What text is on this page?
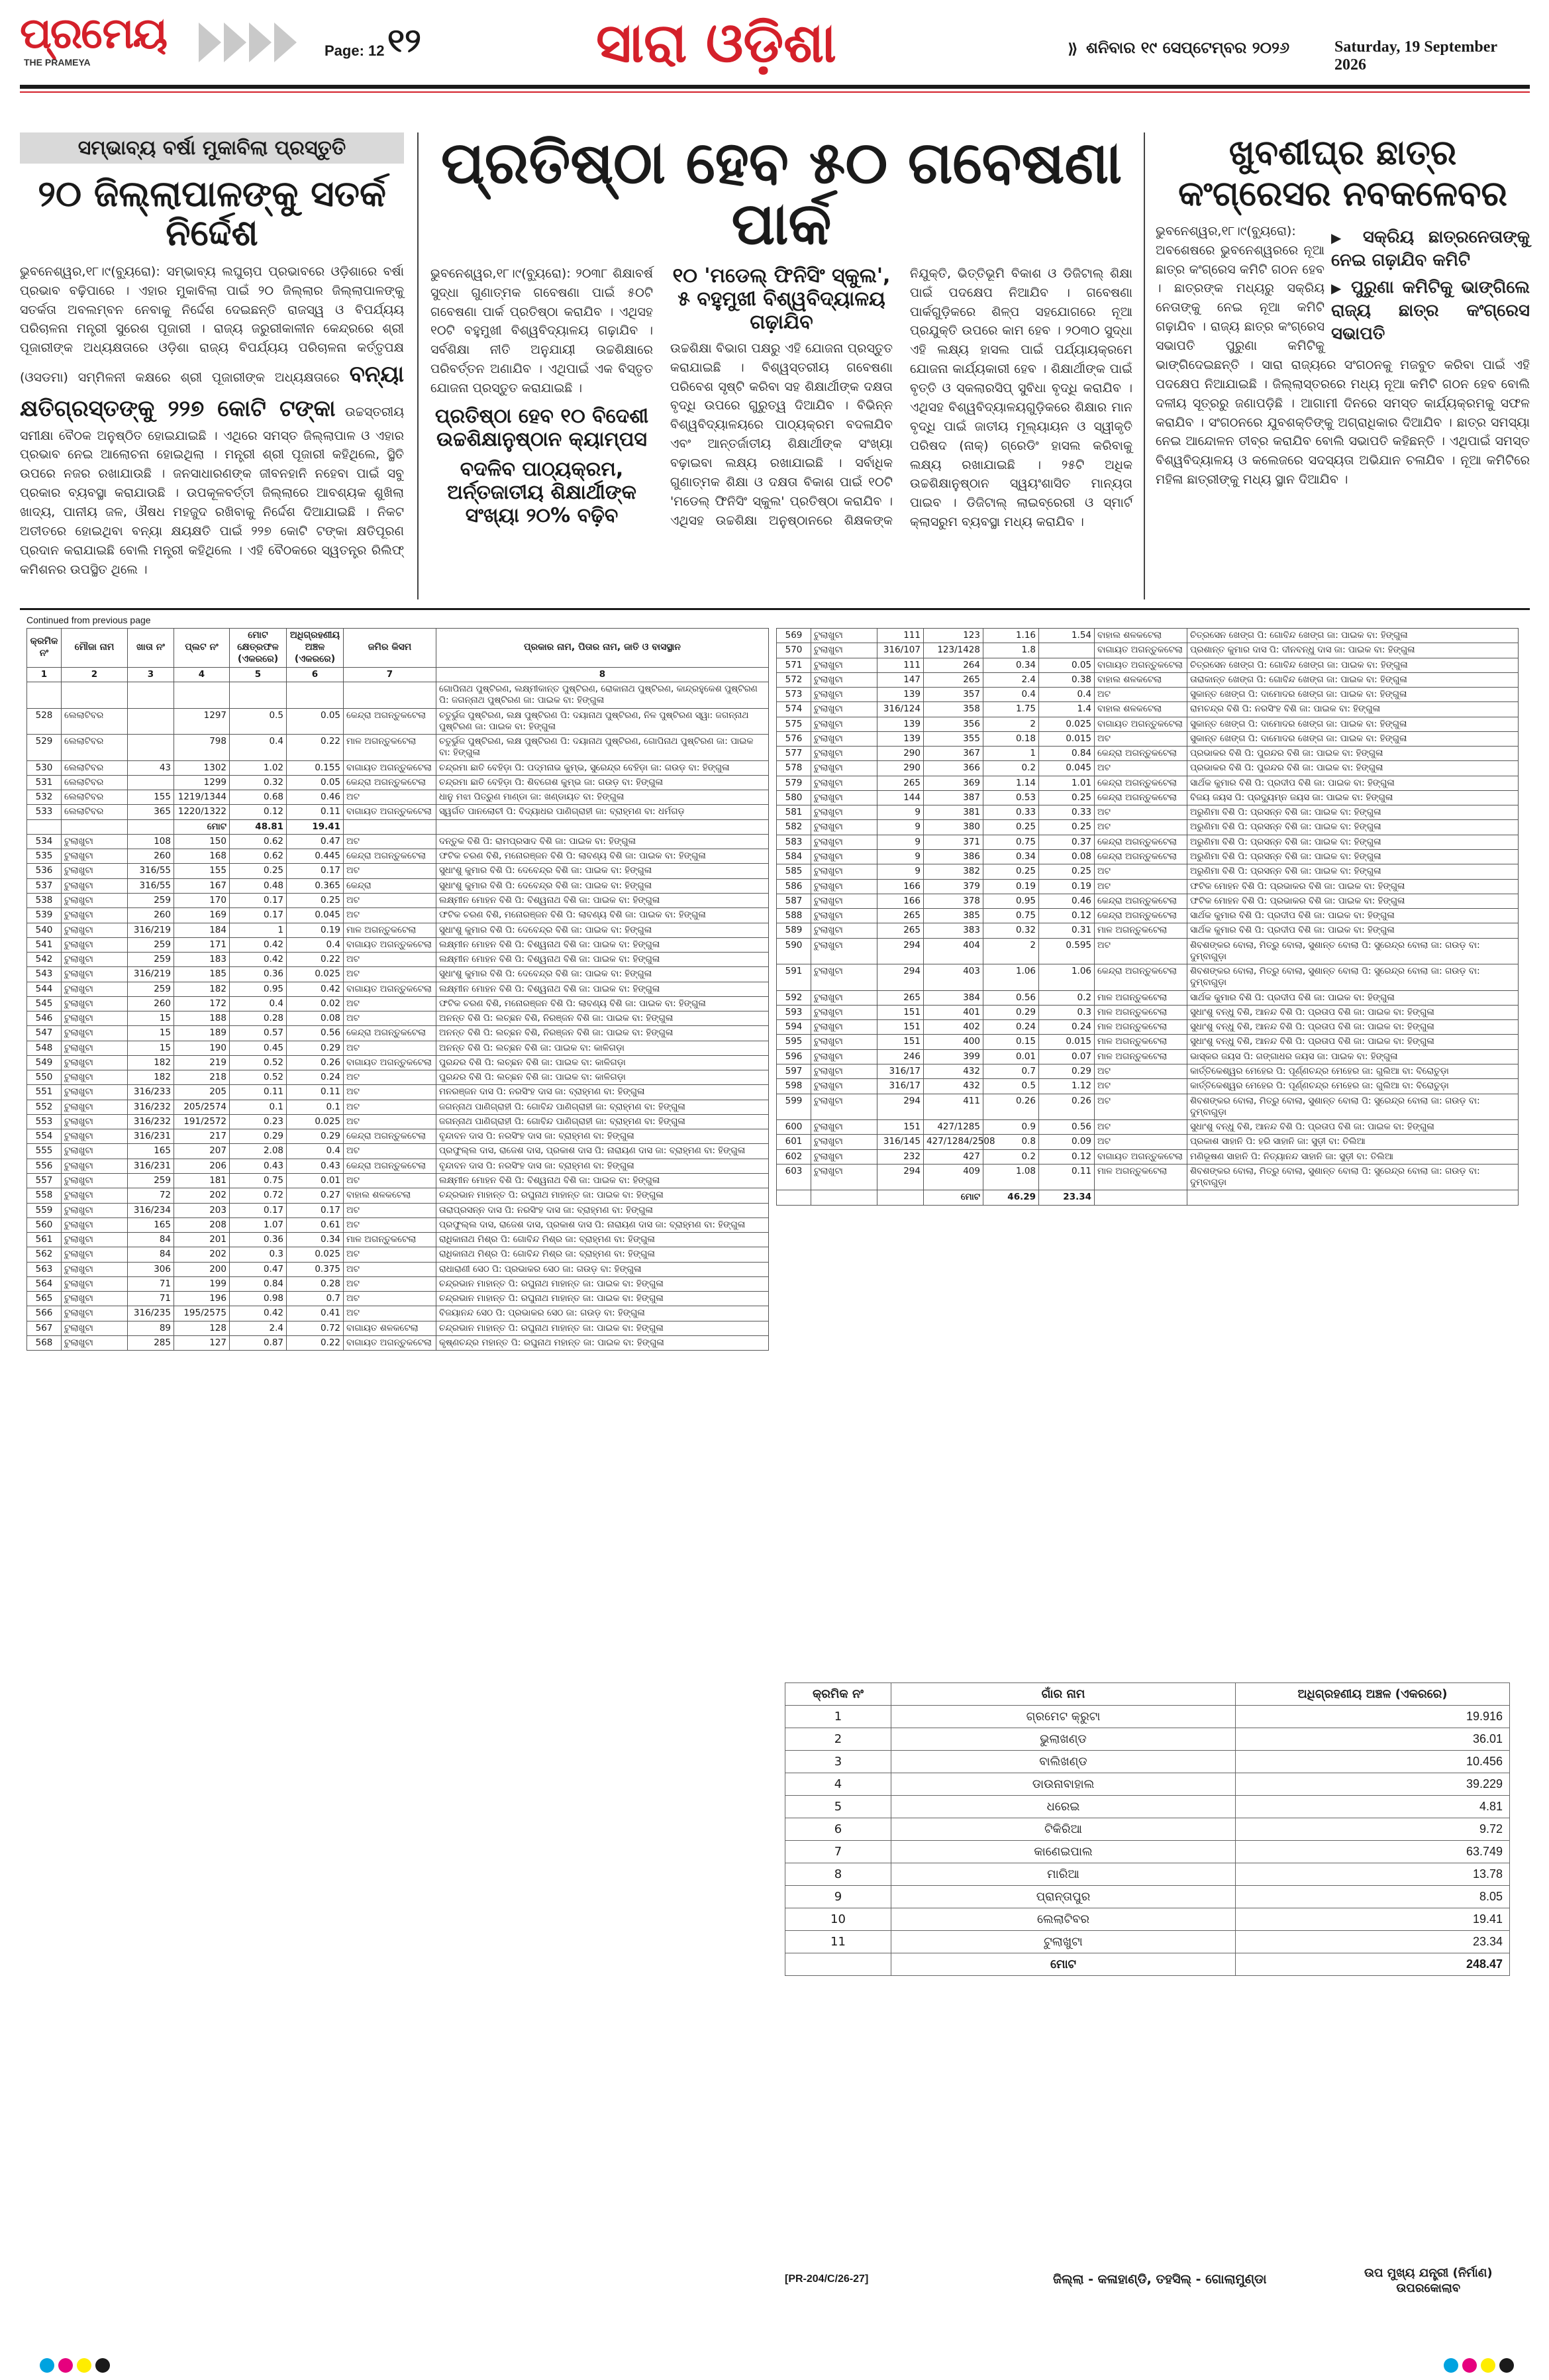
ପ୍ରମେୟ
THE PRAMEYA
Page: 12 ୧୨	ସାରା ଓଡ଼ିଶା	⟫ ଶନିବାର ୧୯ ସେପ୍ଟେମ୍ବର ୨୦୨୬	Saturday, 19 September 2026
ସମ୍ଭାବ୍ୟ ବର୍ଷା ମୁକାବିଲା ପ୍ରସ୍ତୁତି
୨୦ ଜିଲ୍ଲାପାଳଙ୍କୁ ସତର୍କ ନିର୍ଦ୍ଦେଶ
ଭୁବନେଶ୍ୱର,୧୮।୯(ବ୍ୟୁରୋ): ସମ୍ଭାବ୍ୟ ଲଘୁଚାପ ପ୍ରଭାବରେ ଓଡ଼ିଶାରେ ବର୍ଷା ପ୍ରଭାବ ବଢ଼ିପାରେ । ଏହାର ମୁକାବିଲା ପାଇଁ ୨୦ ଜିଲ୍ଲାର ଜିଲ୍ଲାପାଳଙ୍କୁ ସତର୍କତା ଅବଲମ୍ବନ ନେବାକୁ ନିର୍ଦ୍ଦେଶ ଦେଇଛନ୍ତି ରାଜସ୍ୱ ଓ ବିପର୍ଯ୍ୟୟ ପରିଚାଳନା ମନ୍ତ୍ରୀ ସୁରେଶ ପୂଜାରୀ । ରାଜ୍ୟ ଜରୁରୀକାଳୀନ କେନ୍ଦ୍ରରେ ଶ୍ରୀ ପୂଜାରୀଙ୍କ ଅଧ୍ୟକ୍ଷତାରେ ଓଡ଼ିଶା ରାଜ୍ୟ ବିପର୍ଯ୍ୟୟ ପରିଚାଳନା କର୍ତ୍ତୃପକ୍ଷ (ଓସଡମା) ସମ୍ମିଳନୀ କକ୍ଷରେ ଶ୍ରୀ ପୂଜାରୀଙ୍କ ଅଧ୍ୟକ୍ଷତାରେ ବନ୍ୟା କ୍ଷତିଗ୍ରସ୍ତଙ୍କୁ ୨୨୭ କୋଟି ଟଙ୍କା ଉଚ୍ଚସ୍ତରୀୟ ସମୀକ୍ଷା ବୈଠକ ଅନୁଷ୍ଠିତ ହୋଇଯାଇଛି । ଏଥିରେ ସମସ୍ତ ଜିଲ୍ଲାପାଳ ଓ ଏହାର ପ୍ରଭାବ ନେଇ ଆଲୋଚନା ହୋଇଥିଲା । ମନ୍ତ୍ରୀ ଶ୍ରୀ ପୂଜାରୀ କହିଥିଲେ, ସ୍ଥିତି ଉପରେ ନଜର ରଖାଯାଉଛି । ଜନସାଧାରଣଙ୍କ ଜୀବନହାନି ନହେବା ପାଇଁ ସବୁ ପ୍ରକାର ବ୍ୟବସ୍ଥା କରାଯାଉଛି । ଉପକୂଳବର୍ତ୍ତୀ ଜିଲ୍ଲାରେ ଆବଶ୍ୟକ ଶୁଖିଲା ଖାଦ୍ୟ, ପାନୀୟ ଜଳ, ଔଷଧ ମହଜୁଦ ରଖିବାକୁ ନିର୍ଦ୍ଦେଶ ଦିଆଯାଇଛି । ନିକଟ ଅତୀତରେ ହୋଇଥିବା ବନ୍ୟା କ୍ଷୟକ୍ଷତି ପାଇଁ ୨୨୭ କୋଟି ଟଙ୍କା କ୍ଷତିପୂରଣ ପ୍ରଦାନ କରାଯାଇଛି ବୋଲି ମନ୍ତ୍ରୀ କହିଥିଲେ । ଏହି ବୈଠକରେ ସ୍ୱତନ୍ତ୍ର ରିଲିଫ୍ କମିଶନର ଉପସ୍ଥିତ ଥିଲେ ।
ପ୍ରତିଷ୍ଠା ହେବ ୫୦ ଗବେଷଣା ପାର୍କ
ଭୁବନେଶ୍ୱର,୧୮।୯(ବ୍ୟୁରୋ): ୨୦୩୮ ଶିକ୍ଷାବର୍ଷ ସୁଦ୍ଧା ଗୁଣାତ୍ମକ ଗବେଷଣା ପାଇଁ ୫୦ଟି ଗବେଷଣା ପାର୍କ ପ୍ରତିଷ୍ଠା କରାଯିବ । ଏଥିସହ ୧୦ଟି ବହୁମୁଖୀ ବିଶ୍ୱବିଦ୍ୟାଳୟ ଗଢ଼ାଯିବ । ସର୍ବଶିକ୍ଷା ନୀତି ଅନୁଯାୟୀ ଉଚ୍ଚଶିକ୍ଷାରେ ପରିବର୍ତ୍ତନ ଅଣାଯିବ । ଏଥିପାଇଁ ଏକ ବିସ୍ତୃତ ଯୋଜନା ପ୍ରସ୍ତୁତ କରାଯାଇଛି ।
ପ୍ରତିଷ୍ଠା ହେବ ୧୦ ବିଦେଶୀ ଉଚ୍ଚଶିକ୍ଷାନୁଷ୍ଠାନ କ୍ୟାମ୍ପସ
ବଦଳିବ ପାଠ୍ୟକ୍ରମ, ଅର୍ନ୍ତଜାତୀୟ ଶିକ୍ଷାର୍ଥୀଙ୍କ ସଂଖ୍ୟା ୨୦% ବଢ଼ିବ
୧୦ 'ମଡେଲ୍ ଫିନିସିଂ ସ୍କୁଲ', ୫ ବହୁମୁଖୀ ବିଶ୍ୱବିଦ୍ୟାଳୟ ଗଢ଼ାଯିବ
ଉଚ୍ଚଶିକ୍ଷା ବିଭାଗ ପକ୍ଷରୁ ଏହି ଯୋଜନା ପ୍ରସ୍ତୁତ କରାଯାଇଛି । ବିଶ୍ୱସ୍ତରୀୟ ଗବେଷଣା ପରିବେଶ ସୃଷ୍ଟି କରିବା ସହ ଶିକ୍ଷାର୍ଥୀଙ୍କ ଦକ୍ଷତା ବୃଦ୍ଧି ଉପରେ ଗୁରୁତ୍ୱ ଦିଆଯିବ । ବିଭିନ୍ନ ବିଶ୍ୱବିଦ୍ୟାଳୟରେ ପାଠ୍ୟକ୍ରମ ବଦଳାଯିବ ଏବଂ ଆନ୍ତର୍ଜାତୀୟ ଶିକ୍ଷାର୍ଥୀଙ୍କ ସଂଖ୍ୟା ବଢ଼ାଇବା ଲକ୍ଷ୍ୟ ରଖାଯାଇଛି । ସର୍ବାଧିକ ଗୁଣାତ୍ମକ ଶିକ୍ଷା ଓ ଦକ୍ଷତା ବିକାଶ ପାଇଁ ୧୦ଟି 'ମଡେଲ୍ ଫିନିସିଂ ସ୍କୁଲ' ପ୍ରତିଷ୍ଠା କରାଯିବ । ଏଥିସହ ଉଚ୍ଚଶିକ୍ଷା ଅନୁଷ୍ଠାନରେ ଶିକ୍ଷକଙ୍କ ନିଯୁକ୍ତି, ଭିତ୍ତିଭୂମି ବିକାଶ ଓ ଡିଜିଟାଲ୍ ଶିକ୍ଷା ପାଇଁ ପଦକ୍ଷେପ ନିଆଯିବ । ଗବେଷଣା ପାର୍କଗୁଡ଼ିକରେ ଶିଳ୍ପ ସହଯୋଗରେ ନୂଆ ପ୍ରଯୁକ୍ତି ଉପରେ କାମ ହେବ । ୨୦୩୦ ସୁଦ୍ଧା ଏହି ଲକ୍ଷ୍ୟ ହାସଲ ପାଇଁ ପର୍ଯ୍ୟାୟକ୍ରମେ ଯୋଜନା କାର୍ଯ୍ୟକାରୀ ହେବ । ଶିକ୍ଷାର୍ଥୀଙ୍କ ପାଇଁ ବୃତ୍ତି ଓ ସ୍କଲାରସିପ୍ ସୁବିଧା ବୃଦ୍ଧି କରାଯିବ । ଏଥିସହ ବିଶ୍ୱବିଦ୍ୟାଳୟଗୁଡ଼ିକରେ ଶିକ୍ଷାର ମାନ ବୃଦ୍ଧି ପାଇଁ ଜାତୀୟ ମୂଲ୍ୟାୟନ ଓ ସ୍ୱୀକୃତି ପରିଷଦ (ନାକ୍) ଗ୍ରେଡିଂ ହାସଲ କରିବାକୁ ଲକ୍ଷ୍ୟ ରଖାଯାଇଛି । ୨୫ଟି ଅଧିକ ଉଚ୍ଚଶିକ୍ଷାନୁଷ୍ଠାନ ସ୍ୱୟଂଶାସିତ ମାନ୍ୟତା ପାଇବ । ଡିଜିଟାଲ୍ ଲାଇବ୍ରେରୀ ଓ ସ୍ମାର୍ଟ କ୍ଲାସରୁମ ବ୍ୟବସ୍ଥା ମଧ୍ୟ କରାଯିବ ।
ଖୁବଶୀଘ୍ର ଛାତ୍ର କଂଗ୍ରେସର ନବକଳେବର
▶ ସକ୍ରିୟ ଛାତ୍ରନେତାଙ୍କୁ ନେଇ ଗଢ଼ାଯିବ କମିଟି
▶ ପୁରୁଣା କମିଟିକୁ ଭାଙ୍ଗିଲେ ରାଜ୍ୟ ଛାତ୍ର କଂଗ୍ରେସ ସଭାପତି
ଭୁବନେଶ୍ୱର,୧୮।୯(ବ୍ୟୁରୋ): ଅବଶେଷରେ ଭୁବନେଶ୍ୱରରେ ନୂଆ ଛାତ୍ର କଂଗ୍ରେସ କମିଟି ଗଠନ ହେବ । ଛାତ୍ରଙ୍କ ମଧ୍ୟରୁ ସକ୍ରିୟ ନେତାଙ୍କୁ ନେଇ ନୂଆ କମିଟି ଗଢ଼ାଯିବ । ରାଜ୍ୟ ଛାତ୍ର କଂଗ୍ରେସ ସଭାପତି ପୁରୁଣା କମିଟିକୁ ଭାଙ୍ଗିଦେଇଛନ୍ତି । ସାରା ରାଜ୍ୟରେ ସଂଗଠନକୁ ମଜବୁତ କରିବା ପାଇଁ ଏହି ପଦକ୍ଷେପ ନିଆଯାଇଛି । ଜିଲ୍ଲାସ୍ତରରେ ମଧ୍ୟ ନୂଆ କମିଟି ଗଠନ ହେବ ବୋଲି ଦଳୀୟ ସୂତ୍ରରୁ ଜଣାପଡ଼ିଛି । ଆଗାମୀ ଦିନରେ ସମସ୍ତ କାର୍ଯ୍ୟକ୍ରମକୁ ସଫଳ କରାଯିବ । ସଂଗଠନରେ ଯୁବଶକ୍ତିଙ୍କୁ ଅଗ୍ରାଧିକାର ଦିଆଯିବ । ଛାତ୍ର ସମସ୍ୟା ନେଇ ଆନ୍ଦୋଳନ ତୀବ୍ର କରାଯିବ ବୋଲି ସଭାପତି କହିଛନ୍ତି । ଏଥିପାଇଁ ସମସ୍ତ ବିଶ୍ୱବିଦ୍ୟାଳୟ ଓ କଲେଜରେ ସଦସ୍ୟତା ଅଭିଯାନ ଚଳାଯିବ । ନୂଆ କମିଟିରେ ମହିଳା ଛାତ୍ରୀଙ୍କୁ ମଧ୍ୟ ସ୍ଥାନ ଦିଆଯିବ ।
Continued from previous page
କ୍ରମିକ ନଂ	ମୌଜା ନାମ	ଖାତା ନଂ	ପ୍ଲଟ ନଂ	ମୋଟ କ୍ଷେତ୍ରଫଳ (ଏକରରେ)	ଅଧିଗ୍ରହଣୀୟ ଅଞ୍ଚଳ (ଏକରରେ)	ଜମିର କିସମ	ପ୍ରକାର ନାମ, ପିତାର ନାମ, ଜାତି ଓ ବାସସ୍ଥାନ
1	2	3	4	5	6	7	8
							ଗୋପିନାଥ ପୁଷ୍ଟିରଣ, ଲକ୍ଷ୍ମୀକାନ୍ତ ପୁଷ୍ଟିରଣ, ରୋକାନାଥ ପୁଷ୍ଟିରଣ, କାନ୍ଦ୍ରହୁକେଶ ପୁଷ୍ଟିରଣ ପି: ଜଗନ୍ନାଥ ପୁଷ୍ଟିରଣ ଜା: ପାଇକ ବା: ହିଙ୍ଗୁଳା
528	ଲେଲାଟିବର		1297	0.5	0.05	କେନ୍ଦ୍ରା ଅଗନ୍ତୁକଟେଲା	ଚତୁର୍ଭୁଜ ପୁଷ୍ଟିରଣ, ଲକ୍ଷ ପୁଷ୍ଟିରଣ ପି: ଦୟାନାଥ ପୁଷ୍ଟିରଣ, ନିଳ ପୁଷ୍ଟିରଣ ସ୍ୱା: ଜଗନ୍ନାଥ ପୁଷ୍ଟିରଣ ଜା: ପାଇକ ବା: ହିଙ୍ଗୁଳା
529	ଲେଲାଟିବର		798	0.4	0.22	ମାଳ ଅଗନ୍ତୁକଟେଲା	ଚତୁର୍ଭୁଜ ପୁଷ୍ଟିରଣ, ଲକ୍ଷ ପୁଷ୍ଟିରଣ ପି: ଦୟାନାଥ ପୁଷ୍ଟିରଣ, ଗୋପିନାଥ ପୁଷ୍ଟିରଣ ଜା: ପାଇକ ବା: ହିଙ୍ଗୁଳା
530	ଲେଲାଟିବର	43	1302	1.02	0.155	ବାଗାୟତ ଅଗନ୍ତୁକଟେଲା	ଚନ୍ଦ୍ରମା ଛାତି ବେହିଡ଼ା ପି: ପଦ୍ମନାଭ କୁମ୍ଭ, ସୁରେନ୍ଦ୍ର ବେହିଡ଼ା ଜା: ଗଉଡ଼ ବା: ହିଙ୍ଗୁଳା
531	ଲେଲାଟିବର		1299	0.32	0.05	କେନ୍ଦ୍ରା ଅଗନ୍ତୁକଟେଲା	ଚନ୍ଦ୍ରମା ଛାତି ବେହିଡ଼ା ପି: ଶିବଗେଶ କୁମ୍ଭ ଜା: ଗଉଡ଼ ବା: ହିଙ୍ଗୁଳା
532	ଲେଲାଟିବର	155	1219/1344	0.68	0.46	ଅଟ	ଧାନୁ ମଝା ପିତ୍ରୁଣ ମାଣ୍ଡା ଜା: ଖଣ୍ଡାୟତ ବା: ହିଙ୍ଗୁଳା
533	ଲେଲାଟିବର	365	1220/1322	0.12	0.11	ବାଗାୟତ ଅଗନ୍ତୁକଟେଲା	ସ୍ୱର୍ଗତ ପାନଲୋଚୀ ପି: ବିଦ୍ୟାଧର ପାଣିଗ୍ରାହୀ ଜା: ବ୍ରାହ୍ମଣ ବା: ଧର୍ମଗଡ଼
			ମୋଟ	48.81	19.41		
534	ଟୁଲାଖୁଟା	108	150	0.62	0.47	ଅଟ	ଦନ୍ତୁକ ବିଶି ପି: ରାମପ୍ରସାଦ ବିଶି ଜା: ପାଇକ ବା: ହିଙ୍ଗୁଳା
535	ଟୁଲାଖୁଟା	260	168	0.62	0.445	କେନ୍ଦ୍ରା ଅଗନ୍ତୁକଟେଲା	ଫଟିକ ଚରଣ ବିଶି, ମନୋରଞ୍ଜନ ବିଶି ପି: ଲାବଣ୍ୟ ବିଶି ଜା: ପାଇକ ବା: ହିଙ୍ଗୁଳା
536	ଟୁଲାଖୁଟା	316/55	155	0.25	0.17	ଅଟ	ସୁଧାଂଶୁ କୁମାର ବିଶି ପି: ଦେବେନ୍ଦ୍ର ବିଶି ଜା: ପାଇକ ବା: ହିଙ୍ଗୁଳା
537	ଟୁଲାଖୁଟା	316/55	167	0.48	0.365	କେନ୍ଦ୍ରା	ସୁଧାଂଶୁ କୁମାର ବିଶି ପି: ଦେବେନ୍ଦ୍ର ବିଶି ଜା: ପାଇକ ବା: ହିଙ୍ଗୁଳା
538	ଟୁଲାଖୁଟା	259	170	0.17	0.25	ଅଟ	ଲକ୍ଷ୍ମୀନ ମୋହନ ବିଶି ପି: ବିଶ୍ୱନାଥ ବିଶି ଜା: ପାଇକ ବା: ହିଙ୍ଗୁଳା
539	ଟୁଲାଖୁଟା	260	169	0.17	0.045	ଅଟ	ଫଟିକ ଚରଣ ବିଶି, ମନୋରଞ୍ଜନ ବିଶି ପି: ଲାବଣ୍ୟ ବିଶି ଜା: ପାଇକ ବା: ହିଙ୍ଗୁଳା
540	ଟୁଲାଖୁଟା	316/219	184	1	0.19	ମାଳ ଅଗନ୍ତୁକଟେଲା	ସୁଧାଂଶୁ କୁମାର ବିଶି ପି: ଦେବେନ୍ଦ୍ର ବିଶି ଜା: ପାଇକ ବା: ହିଙ୍ଗୁଳା
541	ଟୁଲାଖୁଟା	259	171	0.42	0.4	ବାଗାୟତ ଅଗନ୍ତୁକଟେଲା	ଲକ୍ଷ୍ମୀନ ମୋହନ ବିଶି ପି: ବିଶ୍ୱନାଥ ବିଶି ଜା: ପାଇକ ବା: ହିଙ୍ଗୁଳା
542	ଟୁଲାଖୁଟା	259	183	0.42	0.22	ଅଟ	ଲକ୍ଷ୍ମୀନ ମୋହନ ବିଶି ପି: ବିଶ୍ୱନାଥ ବିଶି ଜା: ପାଇକ ବା: ହିଙ୍ଗୁଳା
543	ଟୁଲାଖୁଟା	316/219	185	0.36	0.025	ଅଟ	ସୁଧାଂଶୁ କୁମାର ବିଶି ପି: ଦେବେନ୍ଦ୍ର ବିଶି ଜା: ପାଇକ ବା: ହିଙ୍ଗୁଳା
544	ଟୁଲାଖୁଟା	259	182	0.95	0.42	ବାଗାୟତ ଅଗନ୍ତୁକଟେଲା	ଲକ୍ଷ୍ମୀନ ମୋହନ ବିଶି ପି: ବିଶ୍ୱନାଥ ବିଶି ଜା: ପାଇକ ବା: ହିଙ୍ଗୁଳା
545	ଟୁଲାଖୁଟା	260	172	0.4	0.02	ଅଟ	ଫଟିକ ଚରଣ ବିଶି, ମନୋରଞ୍ଜନ ବିଶି ପି: ଲାବଣ୍ୟ ବିଶି ଜା: ପାଇକ ବା: ହିଙ୍ଗୁଳା
546	ଟୁଲାଖୁଟା	15	188	0.28	0.08	ଅଟ	ଅନନ୍ତ ବିଶି ପି: ଲଚ୍ଛନ ବିଶି, ନିରଞ୍ଜନ ବିଶି ଜା: ପାଇକ ବା: ହିଙ୍ଗୁଳା
547	ଟୁଲାଖୁଟା	15	189	0.57	0.56	କେନ୍ଦ୍ରା ଅଗନ୍ତୁକଟେଲା	ଅନନ୍ତ ବିଶି ପି: ଲଚ୍ଛନ ବିଶି, ନିରଞ୍ଜନ ବିଶି ଜା: ପାଇକ ବା: ହିଙ୍ଗୁଳା
548	ଟୁଲାଖୁଟା	15	190	0.45	0.29	ଅଟ	ଅନନ୍ତ ବିଶି ପି: ଲଚ୍ଛନ ବିଶି ଜା: ପାଇକ ବା: କାଳିଗଡ଼ା
549	ଟୁଲାଖୁଟା	182	219	0.52	0.26	ବାଗାୟତ ଅଗନ୍ତୁକଟେଲା	ପୁରନ୍ଦର ବିଶି ପି: ଲଚ୍ଛନ ବିଶି ଜା: ପାଇକ ବା: କାଳିଗଡ଼ା
550	ଟୁଲାଖୁଟା	182	218	0.52	0.24	ଅଟ	ପୁରନ୍ଦର ବିଶି ପି: ଲଚ୍ଛନ ବିଶି ଜା: ପାଇକ ବା: କାଳିଗଡ଼ା
551	ଟୁଲାଖୁଟା	316/233	205	0.11	0.11	ଅଟ	ମନରଞ୍ଜନ ଦାସ ପି: ନରସିଂହ ଦାସ ଜା: ବ୍ରାହ୍ମଣ ବା: ହିଙ୍ଗୁଳା
552	ଟୁଲାଖୁଟା	316/232	205/2574	0.1	0.1	ଅଟ	ଜଗନ୍ନାଥ ପାଣିଗ୍ରାହୀ ପି: ଗୋବିନ୍ଦ ପାଣିଗ୍ରାହୀ ଜା: ବ୍ରାହ୍ମଣ ବା: ହିଙ୍ଗୁଳା
553	ଟୁଲାଖୁଟା	316/232	191/2572	0.23	0.025	ଅଟ	ଜଗନ୍ନାଥ ପାଣିଗ୍ରାହୀ ପି: ଗୋବିନ୍ଦ ପାଣିଗ୍ରାହୀ ଜା: ବ୍ରାହ୍ମଣ ବା: ହିଙ୍ଗୁଳା
554	ଟୁଲାଖୁଟା	316/231	217	0.29	0.29	କେନ୍ଦ୍ରା ଅଗନ୍ତୁକଟେଲା	ବୃନ୍ଦାବନ ଦାସ ପି: ନରସିଂହ ଦାସ ଜା: ବ୍ରାହ୍ମଣ ବା: ହିଙ୍ଗୁଳା
555	ଟୁଲାଖୁଟା	165	207	2.08	0.4	ଅଟ	ପ୍ରଫୁଲ୍ଲ ଦାସ, ରାଜେଶ ଦାସ, ପ୍ରକାଶ ଦାସ ପି: ନାରାୟଣ ଦାସ ଜା: ବ୍ରାହ୍ମଣ ବା: ହିଙ୍ଗୁଳା
556	ଟୁଲାଖୁଟା	316/231	206	0.43	0.43	କେନ୍ଦ୍ରା ଅଗନ୍ତୁକଟେଲା	ବୃନ୍ଦାବନ ଦାସ ପି: ନରସିଂହ ଦାସ ଜା: ବ୍ରାହ୍ମଣ ବା: ହିଙ୍ଗୁଳା
557	ଟୁଲାଖୁଟା	259	181	0.75	0.01	ଅଟ	ଲକ୍ଷ୍ମୀନ ମୋହନ ବିଶି ପି: ବିଶ୍ୱନାଥ ବିଶି ଜା: ପାଇକ ବା: ହିଙ୍ଗୁଳା
558	ଟୁଲାଖୁଟା	72	202	0.72	0.27	ବାହାଲ ଶଳକଟେଲା	ଚନ୍ଦ୍ରଭାନ ମାହାନ୍ତ ପି: ରଘୁନାଥ ମାହାନ୍ତ ଜା: ପାଇକ ବା: ହିଙ୍ଗୁଳା
559	ଟୁଲାଖୁଟା	316/234	203	0.17	0.17	ଅଟ	ତାରାପ୍ରସନ୍ନ ଦାସ ପି: ନରସିଂହ ଦାସ ଜା: ବ୍ରାହ୍ମଣ ବା: ହିଙ୍ଗୁଳା
560	ଟୁଲାଖୁଟା	165	208	1.07	0.61	ଅଟ	ପ୍ରଫୁଲ୍ଲ ଦାସ, ରାଜେଶ ଦାସ, ପ୍ରକାଶ ଦାସ ପି: ନାରାୟଣ ଦାସ ଜା: ବ୍ରାହ୍ମଣ ବା: ହିଙ୍ଗୁଳା
561	ଟୁଲାଖୁଟା	84	201	0.36	0.34	ମାଳ ଅଗନ୍ତୁକଟେଲା	ରାଧିକାନାଥ ମିଶ୍ର ପି: ଗୋବିନ୍ଦ ମିଶ୍ର ଜା: ବ୍ରାହ୍ମଣ ବା: ହିଙ୍ଗୁଳା
562	ଟୁଲାଖୁଟା	84	202	0.3	0.025	ଅଟ	ରାଧିକାନାଥ ମିଶ୍ର ପି: ଗୋବିନ୍ଦ ମିଶ୍ର ଜା: ବ୍ରାହ୍ମଣ ବା: ହିଙ୍ଗୁଳା
563	ଟୁଲାଖୁଟା	306	200	0.47	0.375	ଅଟ	ରାଧାରାଣୀ ସେଠ ପି: ପ୍ରଭାକର ସେଠ ଜା: ଗଉଡ଼ ବା: ହିଙ୍ଗୁଳା
564	ଟୁଲାଖୁଟା	71	199	0.84	0.28	ଅଟ	ଚନ୍ଦ୍ରଭାନ ମାହାନ୍ତ ପି: ରଘୁନାଥ ମାହାନ୍ତ ଜା: ପାଇକ ବା: ହିଙ୍ଗୁଳା
565	ଟୁଲାଖୁଟା	71	196	0.98	0.7	ଅଟ	ଚନ୍ଦ୍ରଭାନ ମାହାନ୍ତ ପି: ରଘୁନାଥ ମାହାନ୍ତ ଜା: ପାଇକ ବା: ହିଙ୍ଗୁଳା
566	ଟୁଲାଖୁଟା	316/235	195/2575	0.42	0.41	ଅଟ	ବିଜୟାନନ୍ଦ ସେଠ ପି: ପ୍ରଭାକର ସେଠ ଜା: ଗଉଡ଼ ବା: ହିଙ୍ଗୁଳା
567	ଟୁଲାଖୁଟା	89	128	2.4	0.72	ବାଗାୟତ ଶଳକଟେଲା	ଚନ୍ଦ୍ରଭାନ ମାହାନ୍ତ ପି: ରଘୁନାଥ ମାହାନ୍ତ ଜା: ପାଇକ ବା: ହିଙ୍ଗୁଳା
568	ଟୁଲାଖୁଟା	285	127	0.87	0.22	ବାଗାୟତ ଅଗନ୍ତୁକଟେଲା	କୃଷ୍ଣଚନ୍ଦ୍ର ମହାନ୍ତ ପି: ରଘୁନାଥ ମହାନ୍ତ ଜା: ପାଇକ ବା: ହିଙ୍ଗୁଳା
569	ଟୁଲାଖୁଟା	111	123	1.16	1.54	ବାହାଲ ଶଳକଟେଲା	ଚିତ୍ରସେନ ଖେଙ୍ଗ ପି: ଗୋବିନ୍ଦ ଖେଙ୍ଗ ଜା: ପାଇକ ବା: ହିଙ୍ଗୁଳା
570	ଟୁଲାଖୁଟା	316/107	123/1428	1.8		ବାଗାୟତ ଅଗନ୍ତୁକଟେଲା	ପ୍ରଶାନ୍ତ କୁମାର ଦାସ ପି: ଦୀନବନ୍ଧୁ ଦାସ ଜା: ପାଇକ ବା: ହିଙ୍ଗୁଳା
571	ଟୁଲାଖୁଟା	111	264	0.34	0.05	ବାଗାୟତ ଅଗନ୍ତୁକଟେଲା	ଚିତ୍ରସେନ ଖେଙ୍ଗ ପି: ଗୋବିନ୍ଦ ଖେଙ୍ଗ ଜା: ପାଇକ ବା: ହିଙ୍ଗୁଳା
572	ଟୁଲାଖୁଟା	147	265	2.4	0.38	ବାହାଲ ଶଳକଟେଲା	ତାରାକାନ୍ତ ଖେଙ୍ଗ ପି: ଗୋବିନ୍ଦ ଖେଙ୍ଗ ଜା: ପାଇକ ବା: ହିଙ୍ଗୁଳା
573	ଟୁଲାଖୁଟା	139	357	0.4	0.4	ଅଟ	ସୁକାନ୍ତ ଖେଙ୍ଗ ପି: ଦାମୋଦର ଖେଙ୍ଗ ଜା: ପାଇକ ବା: ହିଙ୍ଗୁଳା
574	ଟୁଲାଖୁଟା	316/124	358	1.75	1.4	ବାହାଲ ଶଳକଟେଲା	ରାମଚନ୍ଦ୍ର ବିଶି ପି: ନରସିଂହ ବିଶି ଜା: ପାଇକ ବା: ହିଙ୍ଗୁଳା
575	ଟୁଲାଖୁଟା	139	356	2	0.025	ବାଗାୟତ ଅଗନ୍ତୁକଟେଲା	ସୁକାନ୍ତ ଖେଙ୍ଗ ପି: ଦାମୋଦର ଖେଙ୍ଗ ଜା: ପାଇକ ବା: ହିଙ୍ଗୁଳା
576	ଟୁଲାଖୁଟା	139	355	0.18	0.015	ଅଟ	ସୁକାନ୍ତ ଖେଙ୍ଗ ପି: ଦାମୋଦର ଖେଙ୍ଗ ଜା: ପାଇକ ବା: ହିଙ୍ଗୁଳା
577	ଟୁଲାଖୁଟା	290	367	1	0.84	କେନ୍ଦ୍ରା ଅଗନ୍ତୁକଟେଲା	ପ୍ରଭାକର ବିଶି ପି: ପୁରନ୍ଦର ବିଶି ଜା: ପାଇକ ବା: ହିଙ୍ଗୁଳା
578	ଟୁଲାଖୁଟା	290	366	0.2	0.045	ଅଟ	ପ୍ରଭାକର ବିଶି ପି: ପୁରନ୍ଦର ବିଶି ଜା: ପାଇକ ବା: ହିଙ୍ଗୁଳା
579	ଟୁଲାଖୁଟା	265	369	1.14	1.01	କେନ୍ଦ୍ରା ଅଗନ୍ତୁକଟେଲା	ସାର୍ଥକ କୁମାର ବିଶି ପି: ପ୍ରଦୀପ ବିଶି ଜା: ପାଇକ ବା: ହିଙ୍ଗୁଳା
580	ଟୁଲାଖୁଟା	144	387	0.53	0.25	କେନ୍ଦ୍ରା ଅଗନ୍ତୁକଟେଲା	ବିଜୟ ଜୟସ ପି: ପ୍ରଦ୍ୟୁମ୍ନ ଜୟସ ଜା: ପାଇକ ବା: ହିଙ୍ଗୁଳା
581	ଟୁଲାଖୁଟା	9	381	0.33	0.33	ଅଟ	ଅରୁଣିମା ବିଶି ପି: ପ୍ରସନ୍ନ ବିଶି ଜା: ପାଇକ ବା: ହିଙ୍ଗୁଳା
582	ଟୁଲାଖୁଟା	9	380	0.25	0.25	ଅଟ	ଅରୁଣିମା ବିଶି ପି: ପ୍ରସନ୍ନ ବିଶି ଜା: ପାଇକ ବା: ହିଙ୍ଗୁଳା
583	ଟୁଲାଖୁଟା	9	371	0.75	0.37	କେନ୍ଦ୍ରା ଅଗନ୍ତୁକଟେଲା	ଅରୁଣିମା ବିଶି ପି: ପ୍ରସନ୍ନ ବିଶି ଜା: ପାଇକ ବା: ହିଙ୍ଗୁଳା
584	ଟୁଲାଖୁଟା	9	386	0.34	0.08	କେନ୍ଦ୍ରା ଅଗନ୍ତୁକଟେଲା	ଅରୁଣିମା ବିଶି ପି: ପ୍ରସନ୍ନ ବିଶି ଜା: ପାଇକ ବା: ହିଙ୍ଗୁଳା
585	ଟୁଲାଖୁଟା	9	382	0.25	0.25	ଅଟ	ଅରୁଣିମା ବିଶି ପି: ପ୍ରସନ୍ନ ବିଶି ଜା: ପାଇକ ବା: ହିଙ୍ଗୁଳା
586	ଟୁଲାଖୁଟା	166	379	0.19	0.19	ଅଟ	ଫଟିକ ମୋହନ ବିଶି ପି: ପ୍ରଭାକର ବିଶି ଜା: ପାଇକ ବା: ହିଙ୍ଗୁଳା
587	ଟୁଲାଖୁଟା	166	378	0.95	0.46	କେନ୍ଦ୍ରା ଅଗନ୍ତୁକଟେଲା	ଫଟିକ ମୋହନ ବିଶି ପି: ପ୍ରଭାକର ବିଶି ଜା: ପାଇକ ବା: ହିଙ୍ଗୁଳା
588	ଟୁଲାଖୁଟା	265	385	0.75	0.12	କେନ୍ଦ୍ରା ଅଗନ୍ତୁକଟେଲା	ସାର୍ଥକ କୁମାର ବିଶି ପି: ପ୍ରଦୀପ ବିଶି ଜା: ପାଇକ ବା: ହିଙ୍ଗୁଳା
589	ଟୁଲାଖୁଟା	265	383	0.32	0.31	ମାଳ ଅଗନ୍ତୁକଟେଲା	ସାର୍ଥକ କୁମାର ବିଶି ପି: ପ୍ରଦୀପ ବିଶି ଜା: ପାଇକ ବା: ହିଙ୍ଗୁଳା
590	ଟୁଲାଖୁଟା	294	404	2	0.595	ଅଟ	ଶିବଶଙ୍କର ବୋଲା, ମିତ୍ରୁ ବୋଲା, ସୁଶାନ୍ତ ବୋଲା ପି: ସୁରେନ୍ଦ୍ର ବୋଲା ଜା: ଗଉଡ଼ ବା: ଦୁମ୍ବାଗୁଡ଼ା
591	ଟୁଲାଖୁଟା	294	403	1.06	1.06	କେନ୍ଦ୍ରା ଅଗନ୍ତୁକଟେଲା	ଶିବଶଙ୍କର ବୋଲା, ମିତ୍ରୁ ବୋଲା, ସୁଶାନ୍ତ ବୋଲା ପି: ସୁରେନ୍ଦ୍ର ବୋଲା ଜା: ଗଉଡ଼ ବା: ଦୁମ୍ବାଗୁଡ଼ା
592	ଟୁଲାଖୁଟା	265	384	0.56	0.2	ମାଳ ଅଗନ୍ତୁକଟେଲା	ସାର୍ଥକ କୁମାର ବିଶି ପି: ପ୍ରଦୀପ ବିଶି ଜା: ପାଇକ ବା: ହିଙ୍ଗୁଳା
593	ଟୁଲାଖୁଟା	151	401	0.29	0.3	ମାଳ ଅଗନ୍ତୁକଟେଲା	ସୁଧାଂଶୁ ବନ୍ଧୁ ବିଶି, ଆନନ୍ଦ ବିଶି ପି: ପ୍ରତାପ ବିଶି ଜା: ପାଇକ ବା: ହିଙ୍ଗୁଳା
594	ଟୁଲାଖୁଟା	151	402	0.24	0.24	ମାଳ ଅଗନ୍ତୁକଟେଲା	ସୁଧାଂଶୁ ବନ୍ଧୁ ବିଶି, ଆନନ୍ଦ ବିଶି ପି: ପ୍ରତାପ ବିଶି ଜା: ପାଇକ ବା: ହିଙ୍ଗୁଳା
595	ଟୁଲାଖୁଟା	151	400	0.15	0.015	ମାଳ ଅଗନ୍ତୁକଟେଲା	ସୁଧାଂଶୁ ବନ୍ଧୁ ବିଶି, ଆନନ୍ଦ ବିଶି ପି: ପ୍ରତାପ ବିଶି ଜା: ପାଇକ ବା: ହିଙ୍ଗୁଳା
596	ଟୁଲାଖୁଟା	246	399	0.01	0.07	ମାଳ ଅଗନ୍ତୁକଟେଲା	ଭାସ୍କର ଜୟସ ପି: ଗଙ୍ଗାଧର ଜୟସ ଜା: ପାଇକ ବା: ହିଙ୍ଗୁଳା
597	ଟୁଲାଖୁଟା	316/17	432	0.7	0.29	ଅଟ	କାର୍ତ୍ତିକେଶ୍ୱର ମେହେର ପି: ପୂର୍ଣ୍ଣଚନ୍ଦ୍ର ମେହେର ଜା: ଗୁଲିଆ ବା: ବିରୋତୁଡ଼ା
598	ଟୁଲାଖୁଟା	316/17	432	0.5	1.12	ଅଟ	କାର୍ତ୍ତିକେଶ୍ୱର ମେହେର ପି: ପୂର୍ଣ୍ଣଚନ୍ଦ୍ର ମେହେର ଜା: ଗୁଲିଆ ବା: ବିରୋତୁଡ଼ା
599	ଟୁଲାଖୁଟା	294	411	0.26	0.26	ଅଟ	ଶିବଶଙ୍କର ବୋଲା, ମିତ୍ରୁ ବୋଲା, ସୁଶାନ୍ତ ବୋଲା ପି: ସୁରେନ୍ଦ୍ର ବୋଲା ଜା: ଗଉଡ଼ ବା: ଦୁମ୍ବାଗୁଡ଼ା
600	ଟୁଲାଖୁଟା	151	427/1285	0.9	0.56	ଅଟ	ସୁଧାଂଶୁ ବନ୍ଧୁ ବିଶି, ଆନନ୍ଦ ବିଶି ପି: ପ୍ରତାପ ବିଶି ଜା: ପାଇକ ବା: ହିଙ୍ଗୁଳା
601	ଟୁଲାଖୁଟା	316/145	427/1284/2508	0.8	0.09	ଅଟ	ପ୍ରକାଶ ସାହାନି ପି: ହରି ସାହାନି ଜା: ସୁଡ଼ୀ ବା: ତିଲିଆ
602	ଟୁଲାଖୁଟା	232	427	0.2	0.12	ବାଗାୟତ ଅଗନ୍ତୁକଟେଲା	ମଣିଭୂଷଣ ସାହାନି ପି: ନିତ୍ୟାନନ୍ଦ ସାହାନି ଜା: ସୁଡ଼ୀ ବା: ତିଲିଆ
603	ଟୁଲାଖୁଟା	294	409	1.08	0.11	ମାଳ ଅଗନ୍ତୁକଟେଲା	ଶିବଶଙ୍କର ବୋଲା, ମିତ୍ରୁ ବୋଲା, ସୁଶାନ୍ତ ବୋଲା ପି: ସୁରେନ୍ଦ୍ର ବୋଲା ଜା: ଗଉଡ଼ ବା: ଦୁମ୍ବାଗୁଡ଼ା
			ମୋଟ	46.29	23.34		
କ୍ରମିକ ନଂ	ଗାଁର ନାମ	ଅଧିଗ୍ରହଣୀୟ ଅଞ୍ଚଳ (ଏକରରେ)
1	ଗ୍ରମେଟ କ୍ରୁଟା	19.916
2	ଭୁଲାଖଣ୍ଡ	36.01
3	ବାଲିଖଣ୍ଡ	10.456
4	ଡାଉନାବାହାଲ	39.229
5	ଧରେଇ	4.81
6	ଟିକିରିଆ	9.72
7	କାଣେଇପାଲ	63.749
8	ମାରିଆ	13.78
9	ପ୍ରାନ୍ତାପୁର	8.05
10	ଲେଲାଟିବର	19.41
11	ଟୁଲାଖୁଟା	23.34
	ମୋଟ	248.47
[PR-204/C/26-27]	ଜିଲ୍ଲା - କଳାହାଣ୍ଡି, ତହସିଲ୍ - ଗୋଲାମୁଣ୍ଡା	ଉପ ମୁଖ୍ୟ ଯନ୍ତ୍ରୀ (ନିର୍ମାଣ)
ଉପରକୋଲାବ
